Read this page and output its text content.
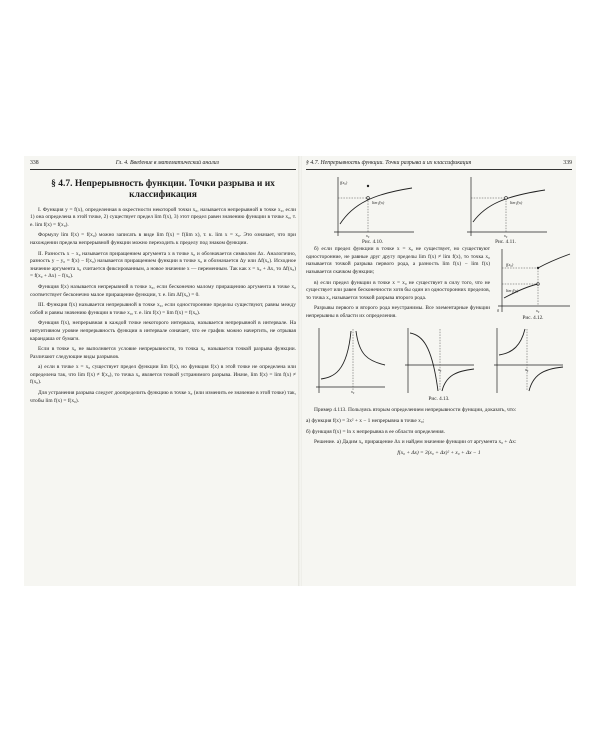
338	Гл. 4. Введение в математический анализ
§ 4.7. Непрерывность функции. Точки разрыва и их классификация

I. Функция y = f(x), определенная в окрестности некоторой точки x₀, называется непрерывной в точке x₀, если 1) она определена в этой точке, 2) существует предел lim f(x), 3) этот предел равен значению функции в точке x₀, т. е. lim f(x) = f(x₀).

Формулу lim f(x) = f(x₀) можно записать в виде lim f(x) = f(lim x), т. к. lim x = x₀. Это означает, что при нахождении предела непрерывной функции можно переходить к пределу под знаком функции.

II. Разность x − x₀ называется приращением аргумента x в точке x₀ и обозначается символом Δx. Аналогично, разность y − y₀ = f(x) − f(x₀) называется приращением функции в точке x₀ и обозначается Δy или Δf(x₀). Исходное значение аргумента x₀ считается фиксированным, а новое значение x — переменным. Так как x = x₀ + Δx, то Δf(x₀) = f(x₀ + Δx) − f(x₀).

Функция f(x) называется непрерывной в точке x₀, если бесконечно малому приращению аргумента в точке x₀ соответствует бесконечно малое приращение функции, т. е. lim Δf(x₀) = 0.

III. Функция f(x) называется непрерывной в точке x₀, если односторонние пределы существуют, равны между собой и равны значению функции в точке x₀, т. е. lim f(x) = lim f(x) = f(x₀).

Функция f(x), непрерывная в каждой точке некоторого интервала, называется непрерывной в интервале. На интуитивном уровне непрерывность функции в интервале означает, что ее график можно начертить, не отрывая карандаша от бумаги.

Если в точке x₀ не выполняется условие непрерывности, то точка x₀ называется точкой разрыва функции. Различают следующие виды разрывов.

а) если в точке x = x₀ существует предел функции lim f(x), но функция f(x) в этой точке не определена или определена так, что lim f(x) ≠ f(x₀), то точка x₀ является точкой устранимого разрыва. Иначе, lim f(x) = lim f(x) ≠ f(x₀).

Для устранения разрыва следует доопределить функцию в точке x₀ (или изменить ее значение в этой точке) так, чтобы lim f(x) = f(x₀).

§ 4.7. Непрерывность функции. Точки разрыва и их классификация	339
f(x₀)
lim f(x)
x₀
Рис. 4.10.
lim f(x)
x₀
Рис. 4.11.
f(x₀)
lim f(x)
x₀
0
Рис. 4.12.

б) если предел функции в точке x = x₀ не существует, но существуют односторонние, не равные друг другу пределы lim f(x) ≠ lim f(x), то точка x₀ называется точкой разрыва первого рода, а разность lim f(x) − lim f(x) называется скачком функции;

в) если предел функции в точке x = x₀ не существует в силу того, что не существует или равен бесконечности хотя бы один из односторонних пределов, то точка x₀ называется точкой разрыва второго рода.

Разрывы первого и второго рода неустранимы. Все элементарные функции непрерывны в области их определения.

x₀
x₀	x₀
Рис. 4.13.

Пример 4.113. Пользуясь вторым определением непрерывности функции, доказать, что:

а) функция f(x) = 3x² + x − 1 непрерывна в точке x₀;

б) функция f(x) = ln x непрерывна в ее области определения.

Решение. а) Дадим x₀ приращение Δx и найдем значение функции от аргумента x₀ + Δx:

f(x₀ + Δx) = 3(x₀ + Δx)² + x₀ + Δx − 1
